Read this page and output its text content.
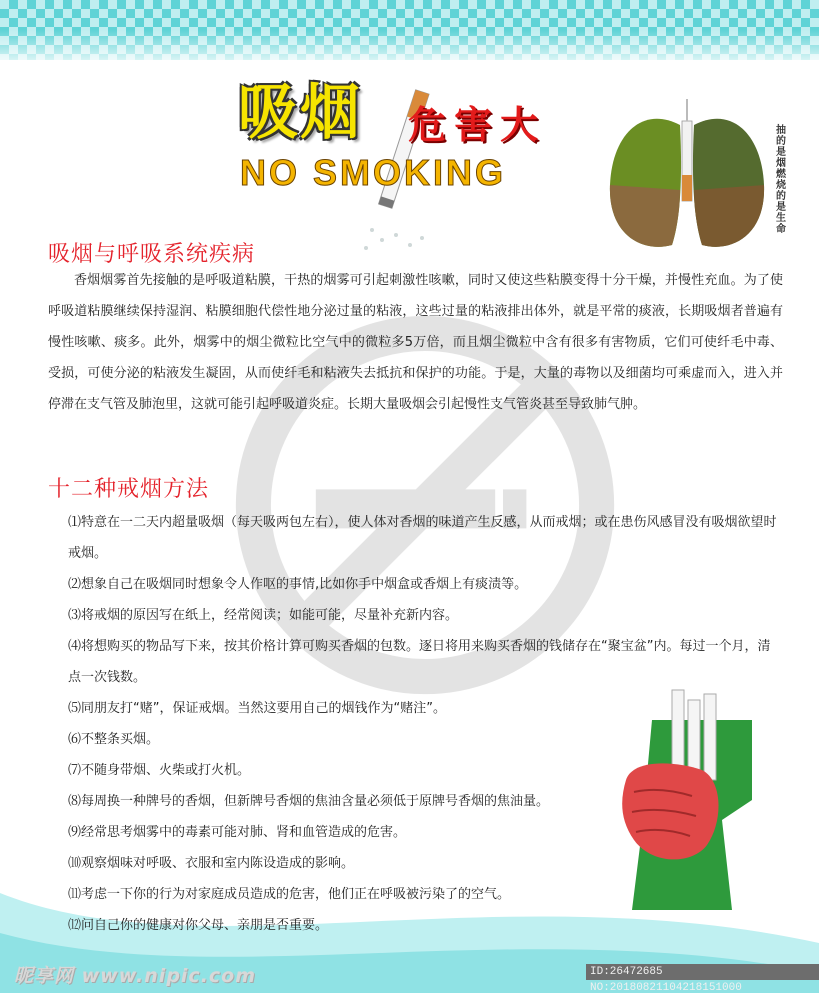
吸烟 危害大
NO SMOKING
抽的是烟 燃烧的是生命
吸烟与呼吸系统疾病
香烟烟雾首先接触的是呼吸道粘膜，干热的烟雾可引起刺激性咳嗽，同时又使这些粘膜变得十分干燥，并慢性充血。为了使呼吸道粘膜继续保持湿润、粘膜细胞代偿性地分泌过量的粘液，这些过量的粘液排出体外，就是平常的痰液，长期吸烟者普遍有慢性咳嗽、痰多。此外，烟雾中的烟尘微粒比空气中的微粒多5万倍，而且烟尘微粒中含有很多有害物质，它们可使纤毛中毒、受损，可使分泌的粘液发生凝固，从而使纤毛和粘液失去抵抗和保护的功能。于是，大量的毒物以及细菌均可乘虚而入，进入并停滞在支气管及肺泡里，这就可能引起呼吸道炎症。长期大量吸烟会引起慢性支气管炎甚至导致肺气肿。
十二种戒烟方法
⑴特意在一二天内超量吸烟（每天吸两包左右），使人体对香烟的味道产生反感，从而戒烟；或在患伤风感冒没有吸烟欲望时戒烟。
⑵想象自己在吸烟同时想象令人作呕的事情,比如你手中烟盒或香烟上有痰渍等。
⑶将戒烟的原因写在纸上，经常阅读；如能可能，尽量补充新内容。
⑷将想购买的物品写下来，按其价格计算可购买香烟的包数。逐日将用来购买香烟的钱储存在“聚宝盆”内。每过一个月，清点一次钱数。
⑸同朋友打“赌”，保证戒烟。当然这要用自己的烟钱作为“赌注”。
⑹不整条买烟。
⑺不随身带烟、火柴或打火机。
⑻每周换一种牌号的香烟，但新牌号香烟的焦油含量必须低于原牌号香烟的焦油量。
⑼经常思考烟雾中的毒素可能对肺、肾和血管造成的危害。
⑽观察烟味对呼吸、衣服和室内陈设造成的影响。
⑾考虑一下你的行为对家庭成员造成的危害，他们正在呼吸被污染了的空气。
⑿问自己你的健康对你父母、亲朋是否重要。
昵享网 www.nipic.com	ID:26472685 NO:20180821104218151000
